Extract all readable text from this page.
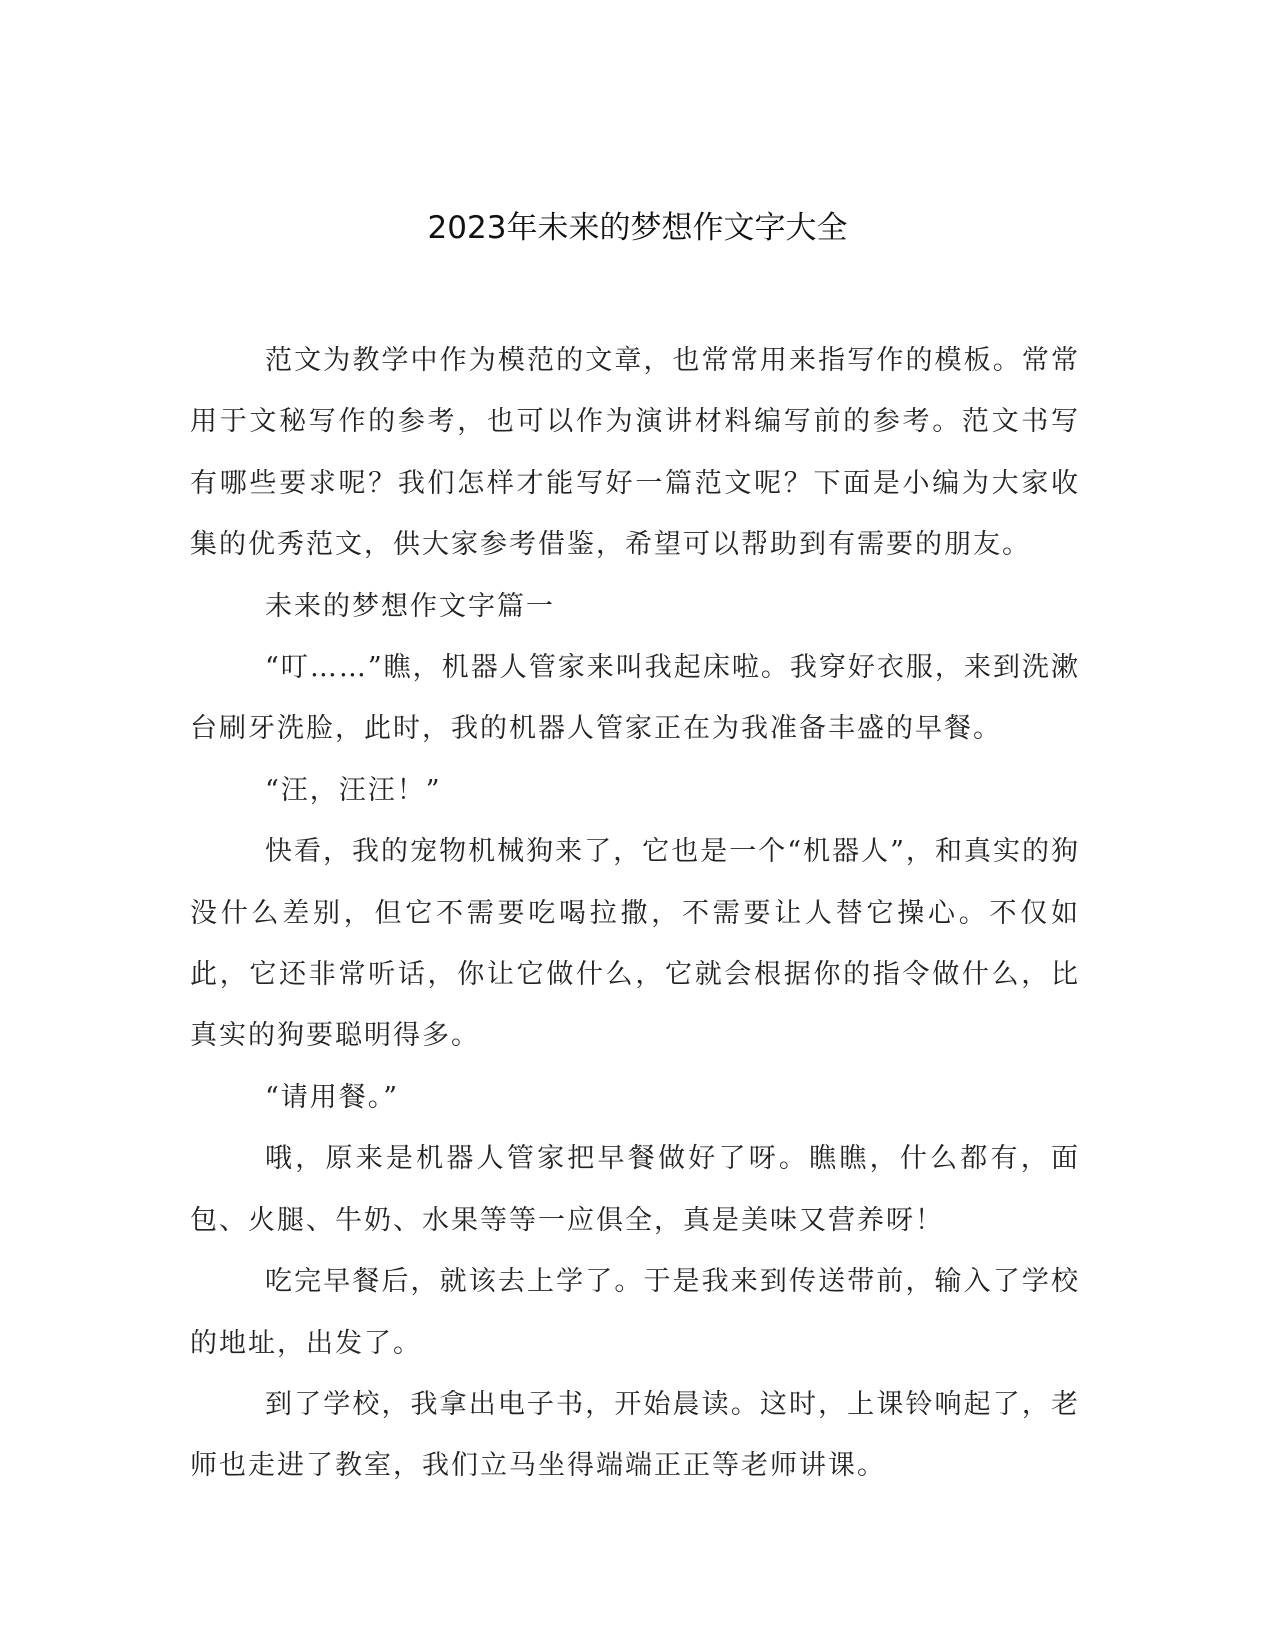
2023年未来的梦想作文字大全

范文为教学中作为模范的文章，也常常用来指写作的模板。常常用于文秘写作的参考，也可以作为演讲材料编写前的参考。范文书写有哪些要求呢？我们怎样才能写好一篇范文呢？下面是小编为大家收集的优秀范文，供大家参考借鉴，希望可以帮助到有需要的朋友。

未来的梦想作文字篇一

“叮……”瞧，机器人管家来叫我起床啦。我穿好衣服，来到洗漱台刷牙洗脸，此时，我的机器人管家正在为我准备丰盛的早餐。

“汪，汪汪！”

快看，我的宠物机械狗来了，它也是一个“机器人”，和真实的狗没什么差别，但它不需要吃喝拉撒，不需要让人替它操心。不仅如此，它还非常听话，你让它做什么，它就会根据你的指令做什么，比真实的狗要聪明得多。

“请用餐。”

哦，原来是机器人管家把早餐做好了呀。瞧瞧，什么都有，面包、火腿、牛奶、水果等等一应俱全，真是美味又营养呀！

吃完早餐后，就该去上学了。于是我来到传送带前，输入了学校的地址，出发了。

到了学校，我拿出电子书，开始晨读。这时，上课铃响起了，老师也走进了教室，我们立马坐得端端正正等老师讲课。
